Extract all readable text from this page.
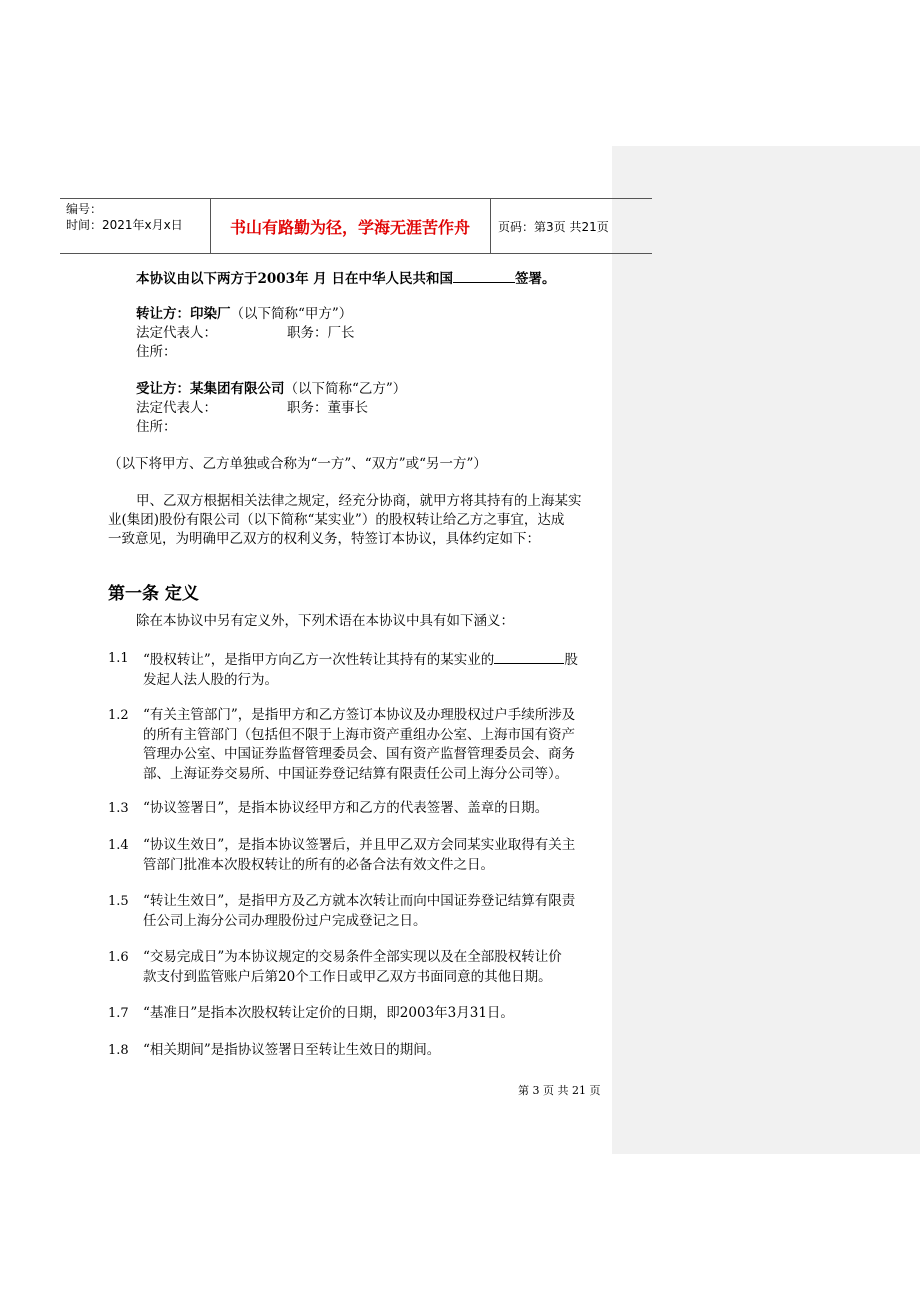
编号：
时间：2021年x月x日	书山有路勤为径，学海无涯苦作舟	页码：第3页 共21页
本协议由以下两方于2003年 月 日在中华人民共和国	签署。
转让方：印染厂（以下简称“甲方”）
法定代表人：	职务：厂长
住所：
受让方：某集团有限公司（以下简称“乙方”）
法定代表人：	职务：董事长
住所：
（以下将甲方、乙方单独或合称为“一方”、“双方”或“另一方”）
甲、乙双方根据相关法律之规定，经充分协商，就甲方将其持有的上海某实
业(集团)股份有限公司（以下简称“某实业”）的股权转让给乙方之事宜，达成
一致意见，为明确甲乙双方的权利义务，特签订本协议，具体约定如下：
第一条 定义
除在本协议中另有定义外，下列术语在本协议中具有如下涵义：
1.1 “股权转让”，是指甲方向乙方一次性转让其持有的某实业的	股
发起人法人股的行为。
1.2 “有关主管部门”，是指甲方和乙方签订本协议及办理股权过户手续所涉及
的所有主管部门（包括但不限于上海市资产重组办公室、上海市国有资产
管理办公室、中国证券监督管理委员会、国有资产监督管理委员会、商务
部、上海证券交易所、中国证券登记结算有限责任公司上海分公司等）。
1.3 “协议签署日”，是指本协议经甲方和乙方的代表签署、盖章的日期。
1.4 “协议生效日”，是指本协议签署后，并且甲乙双方会同某实业取得有关主
管部门批准本次股权转让的所有的必备合法有效文件之日。
1.5 “转让生效日”，是指甲方及乙方就本次转让而向中国证券登记结算有限责
任公司上海分公司办理股份过户完成登记之日。
1.6 “交易完成日”为本协议规定的交易条件全部实现以及在全部股权转让价
款支付到监管账户后第20个工作日或甲乙双方书面同意的其他日期。
1.7 “基准日”是指本次股权转让定价的日期，即2003年3月31日。
1.8 “相关期间”是指协议签署日至转让生效日的期间。
第 3 页 共 21 页
